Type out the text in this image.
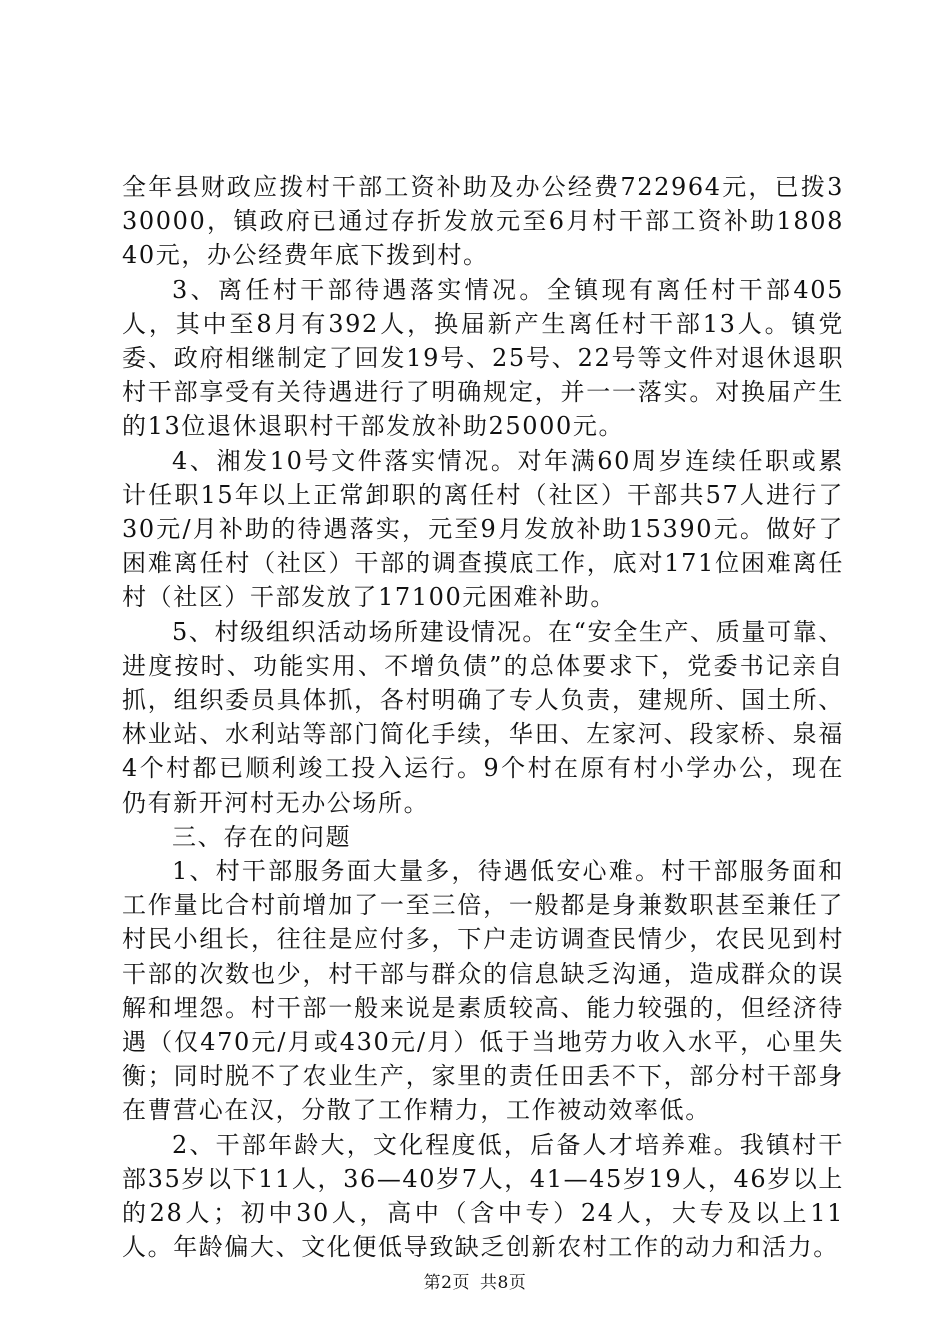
全年县财政应拨村干部工资补助及办公经费722964元，已拨330000，镇政府已通过存折发放元至6月村干部工资补助180840元，办公经费年底下拨到村。

3、离任村干部待遇落实情况。全镇现有离任村干部405人，其中至8月有392人，换届新产生离任村干部13人。镇党委、政府相继制定了回发19号、25号、22号等文件对退休退职村干部享受有关待遇进行了明确规定，并一一落实。对换届产生的13位退休退职村干部发放补助25000元。

4、湘发10号文件落实情况。对年满60周岁连续任职或累计任职15年以上正常卸职的离任村（社区）干部共57人进行了30元/月补助的待遇落实，元至9月发放补助15390元。做好了困难离任村（社区）干部的调查摸底工作，底对171位困难离任村（社区）干部发放了17100元困难补助。

5、村级组织活动场所建设情况。在“安全生产、质量可靠、进度按时、功能实用、不增负债”的总体要求下，党委书记亲自抓，组织委员具体抓，各村明确了专人负责，建规所、国土所、林业站、水利站等部门简化手续，华田、左家河、段家桥、泉福4个村都已顺利竣工投入运行。9个村在原有村小学办公，现在仍有新开河村无办公场所。

三、存在的问题

1、村干部服务面大量多，待遇低安心难。村干部服务面和工作量比合村前增加了一至三倍，一般都是身兼数职甚至兼任了村民小组长，往往是应付多，下户走访调查民情少，农民见到村干部的次数也少，村干部与群众的信息缺乏沟通，造成群众的误解和埋怨。村干部一般来说是素质较高、能力较强的，但经济待遇（仅470元/月或430元/月）低于当地劳力收入水平，心里失衡；同时脱不了农业生产，家里的责任田丢不下，部分村干部身在曹营心在汉，分散了工作精力，工作被动效率低。

2、干部年龄大，文化程度低，后备人才培养难。我镇村干部35岁以下11人，36—40岁7人，41—45岁19人，46岁以上的28人；初中30人，高中（含中专）24人，大专及以上11人。年龄偏大、文化便低导致缺乏创新农村工作的动力和活力。

第2页 共8页
